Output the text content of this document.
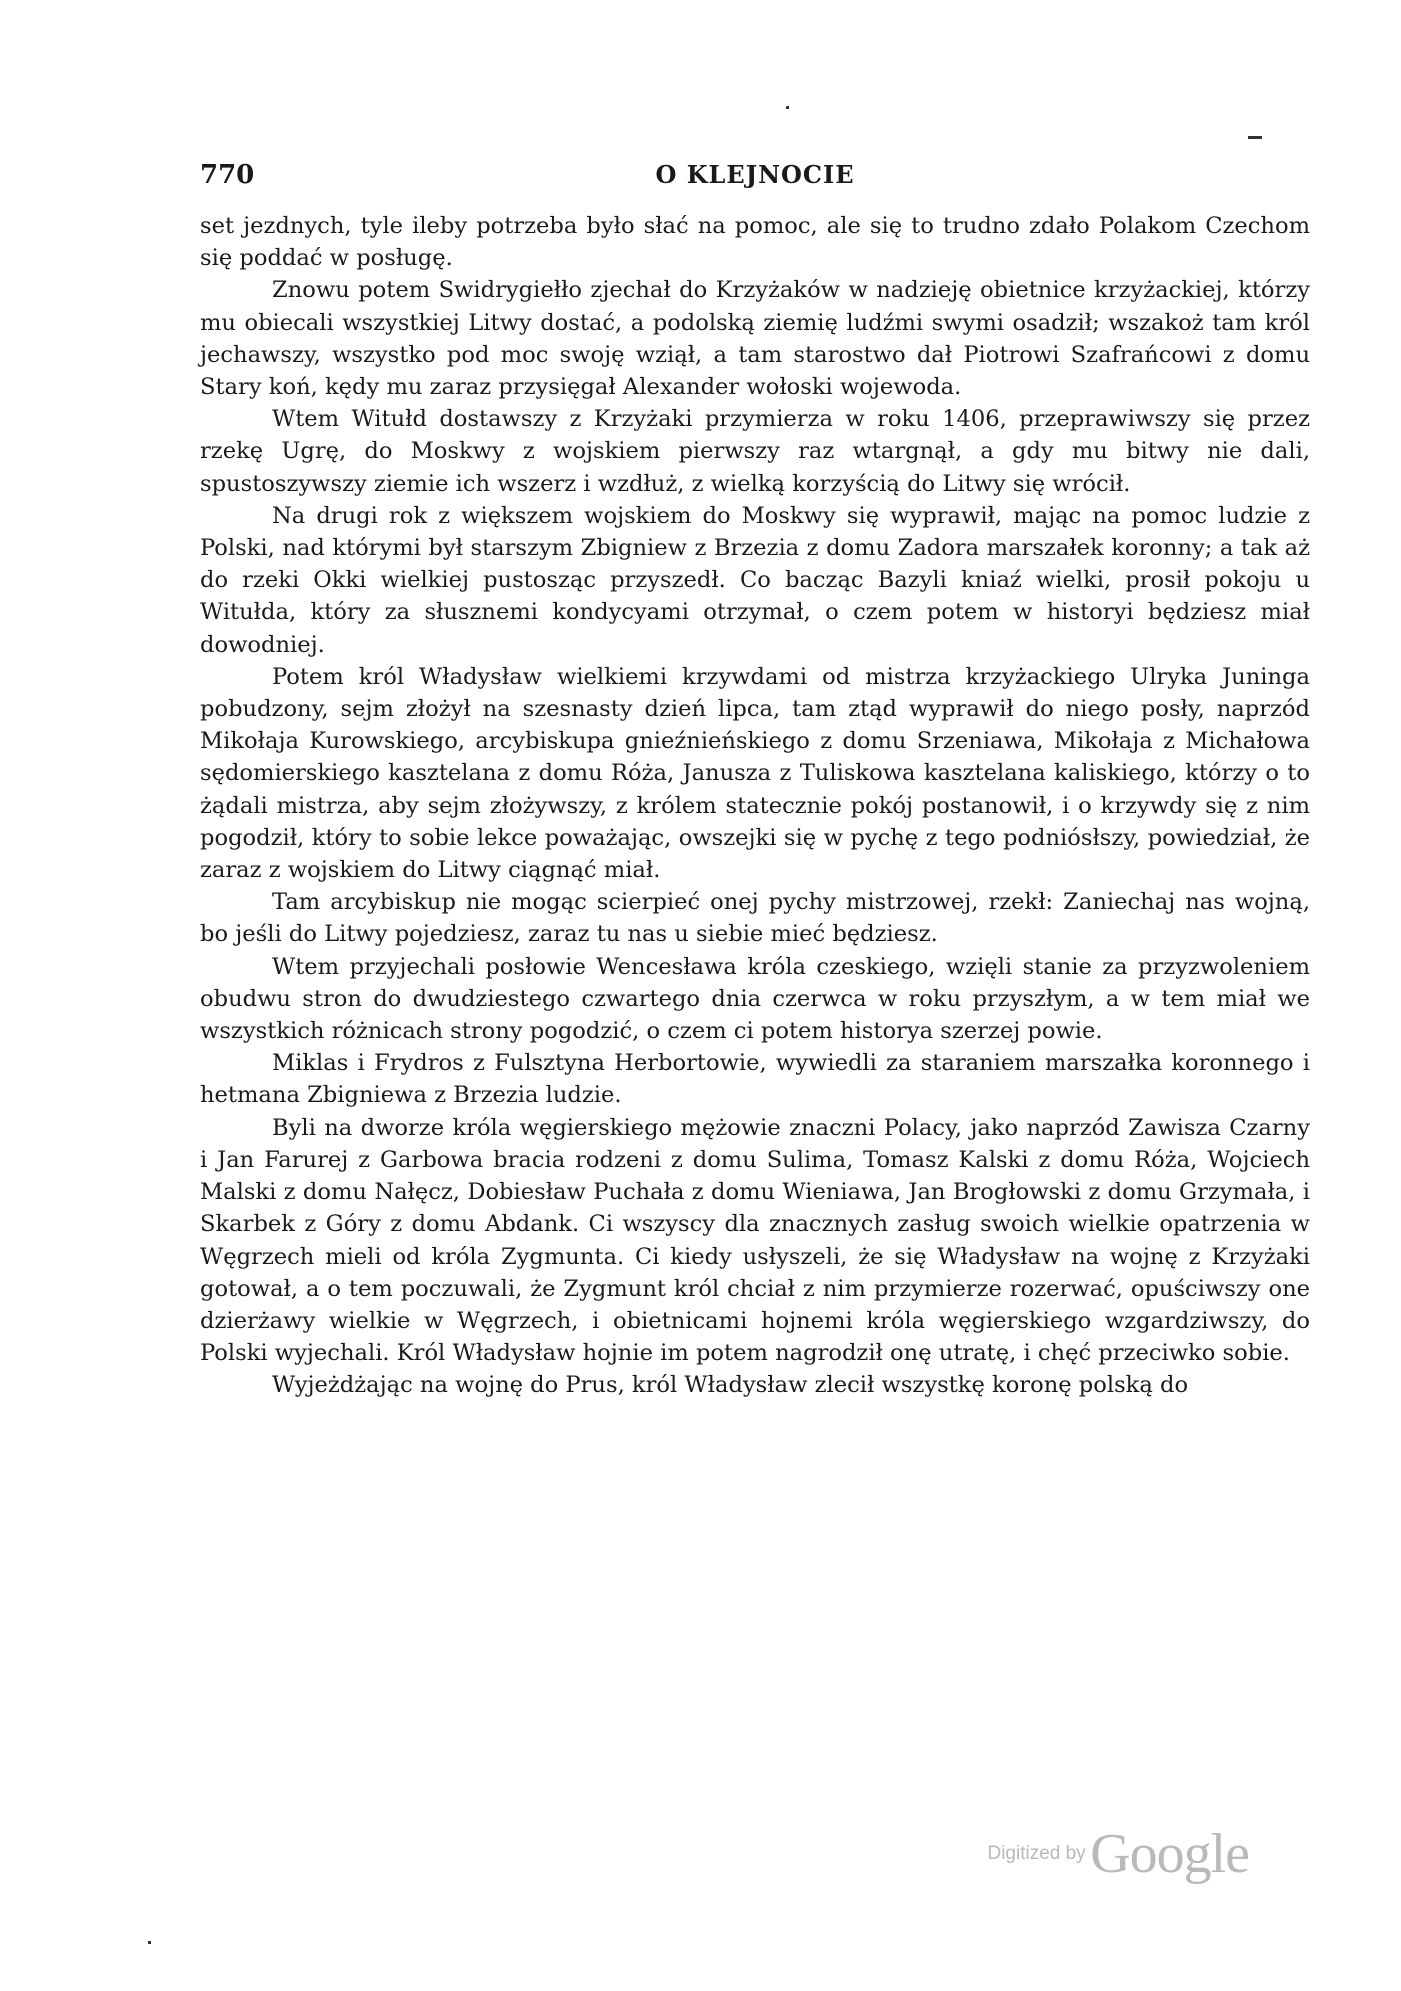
770	O KLEJNOCIE

set jezdnych, tyle ileby potrzeba było słać na pomoc, ale się to trudno zdało Polakom Czechom się poddać w posługę.

Znowu potem Swidrygiełło zjechał do Krzyżaków w nadzieję obietnice krzyżackiej, którzy mu obiecali wszystkiej Litwy dostać, a podolską ziemię ludźmi swymi osadził; wszakoż tam król jechawszy, wszystko pod moc swoję wziął, a tam starostwo dał Piotrowi Szafrańcowi z domu Stary koń, kędy mu zaraz przysięgał Alexander wołoski wojewoda.

Wtem Witułd dostawszy z Krzyżaki przymierza w roku 1406, przeprawiwszy się przez rzekę Ugrę, do Moskwy z wojskiem pierwszy raz wtargnął, a gdy mu bitwy nie dali, spustoszywszy ziemie ich wszerz i wzdłuż, z wielką korzyścią do Litwy się wrócił.

Na drugi rok z większem wojskiem do Moskwy się wyprawił, mając na pomoc ludzie z Polski, nad którymi był starszym Zbigniew z Brzezia z domu Zadora marszałek koronny; a tak aż do rzeki Okki wielkiej pustosząc przyszedł. Co bacząc Bazyli kniaź wielki, prosił pokoju u Witułda, który za słusznemi kondycyami otrzymał, o czem potem w historyi będziesz miał dowodniej.

Potem król Władysław wielkiemi krzywdami od mistrza krzyżackiego Ulryka Juninga pobudzony, sejm złożył na szesnasty dzień lipca, tam ztąd wyprawił do niego posły, naprzód Mikołaja Kurowskiego, arcybiskupa gnieźnieńskiego z domu Srzeniawa, Mikołaja z Michałowa sędomierskiego kasztelana z domu Róża, Janusza z Tuliskowa kasztelana kaliskiego, którzy o to żądali mistrza, aby sejm złożywszy, z królem statecznie pokój postanowił, i o krzywdy się z nim pogodził, który to sobie lekce poważając, owszejki się w pychę z tego podniósłszy, powiedział, że zaraz z wojskiem do Litwy ciągnąć miał.

Tam arcybiskup nie mogąc scierpieć onej pychy mistrzowej, rzekł: Zaniechaj nas wojną, bo jeśli do Litwy pojedziesz, zaraz tu nas u siebie mieć będziesz.

Wtem przyjechali posłowie Wencesława króla czeskiego, wzięli stanie za przyzwoleniem obudwu stron do dwudziestego czwartego dnia czerwca w roku przyszłym, a w tem miał we wszystkich różnicach strony pogodzić, o czem ci potem historya szerzej powie.

Miklas i Frydros z Fulsztyna Herbortowie, wywiedli za staraniem marszałka koronnego i hetmana Zbigniewa z Brzezia ludzie.

Byli na dworze króla węgierskiego mężowie znaczni Polacy, jako naprzód Zawisza Czarny i Jan Farurej z Garbowa bracia rodzeni z domu Sulima, Tomasz Kalski z domu Róża, Wojciech Malski z domu Nałęcz, Dobiesław Puchała z domu Wieniawa, Jan Brogłowski z domu Grzymała, i Skarbek z Góry z domu Abdank. Ci wszyscy dla znacznych zasług swoich wielkie opatrzenia w Węgrzech mieli od króla Zygmunta. Ci kiedy usłyszeli, że się Władysław na wojnę z Krzyżaki gotował, a o tem poczuwali, że Zygmunt król chciał z nim przymierze rozerwać, opuściwszy one dzierżawy wielkie w Węgrzech, i obietnicami hojnemi króla węgierskiego wzgardziwszy, do Polski wyjechali. Król Władysław hojnie im potem nagrodził onę utratę, i chęć przeciwko sobie.

Wyjeżdżając na wojnę do Prus, król Władysław zlecił wszystkę koronę polską do

Digitized by Google
